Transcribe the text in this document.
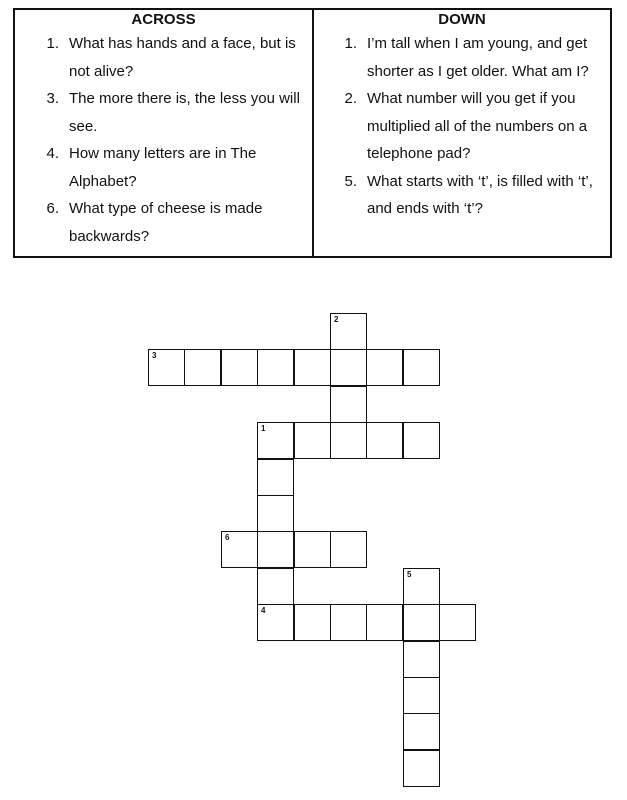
ACROSS
1. What has hands and a face, but is not alive?
3. The more there is, the less you will see.
4. How many letters are in The Alphabet?
6. What type of cheese is made backwards?
DOWN
1. I’m tall when I am young, and get shorter as I get older. What am I?
2. What number will you get if you multiplied all of the numbers on a telephone pad?
5. What starts with ‘t’, is filled with ‘t’, and ends with ‘t’?
2
3
1
6
5
4
